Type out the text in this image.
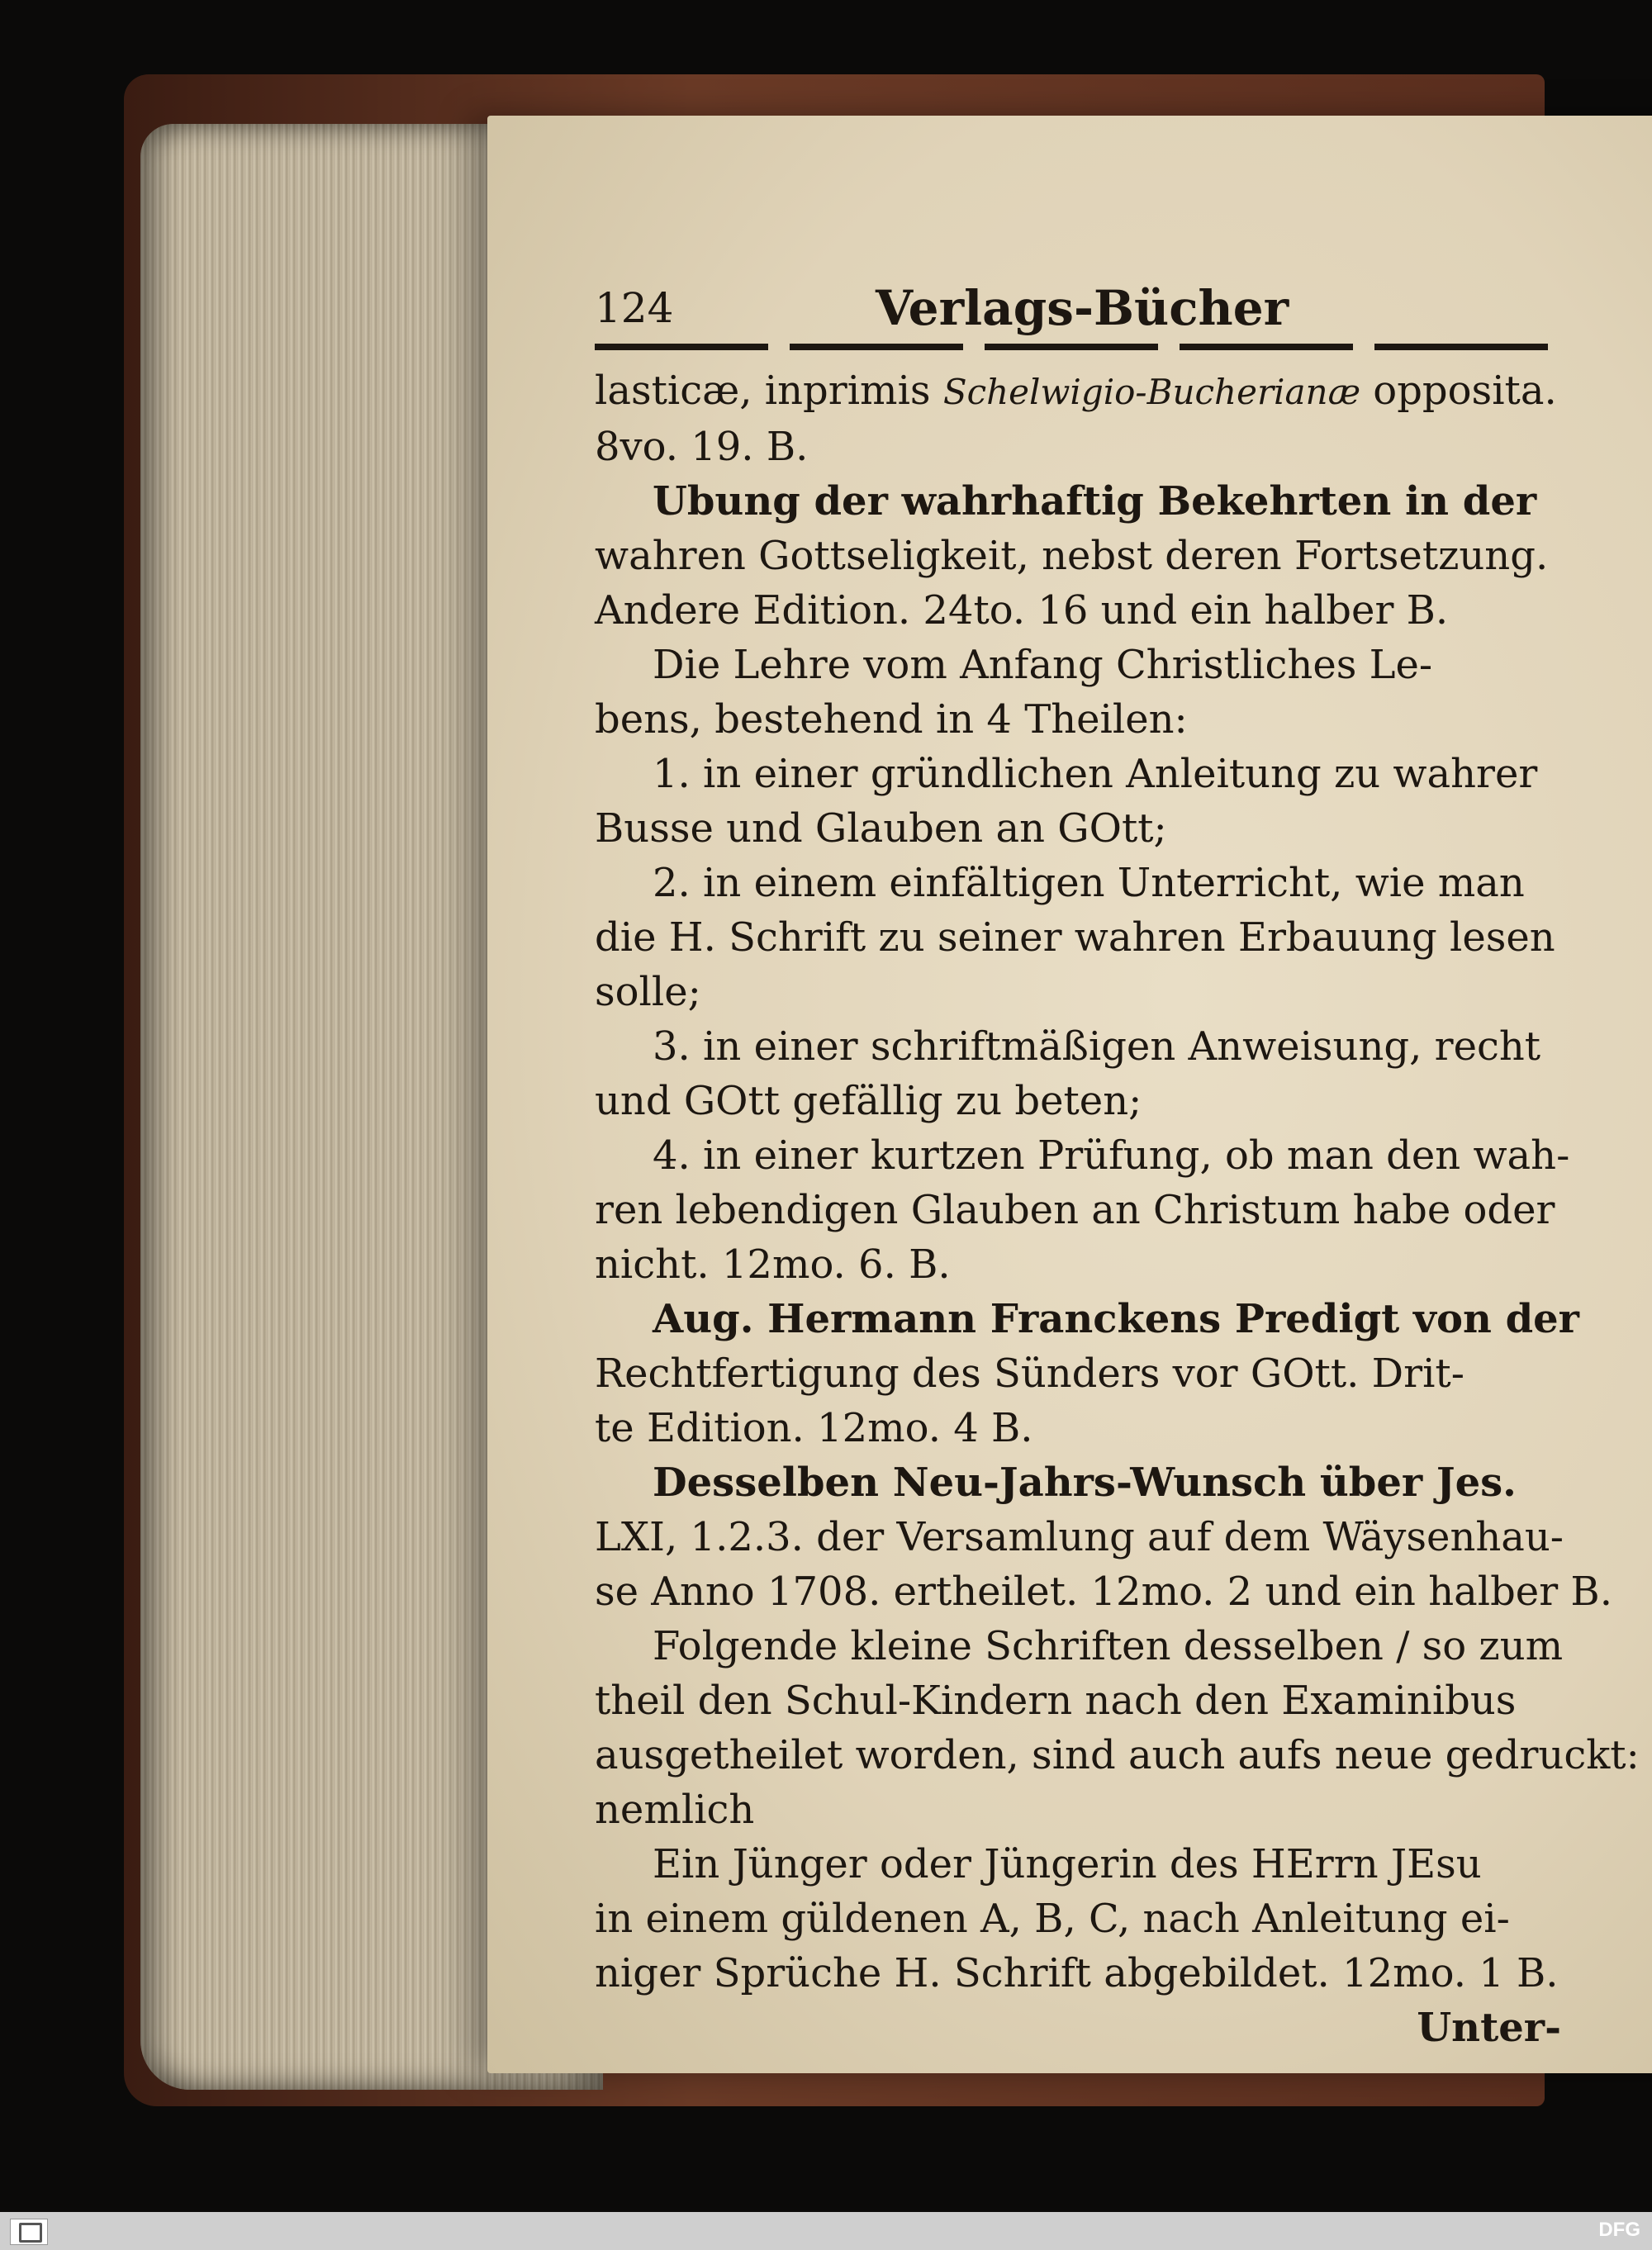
124	Verlags-Bücher
lasticæ, inprimis Schelwigio-Bucherianæ opposita.
8vo. 19. B.
Ubung der wahrhaftig Bekehrten in der
wahren Gottseligkeit, nebst deren Fortsetzung.
Andere Edition. 24to. 16 und ein halber B.
Die Lehre vom Anfang Christliches Le-
bens, bestehend in 4 Theilen:
1. in einer gründlichen Anleitung zu wahrer
Busse und Glauben an GOtt;
2. in einem einfältigen Unterricht, wie man
die H. Schrift zu seiner wahren Erbauung lesen
solle;
3. in einer schriftmäßigen Anweisung, recht
und GOtt gefällig zu beten;
4. in einer kurtzen Prüfung, ob man den wah-
ren lebendigen Glauben an Christum habe oder
nicht. 12mo. 6. B.
Aug. Hermann Franckens Predigt von der
Rechtfertigung des Sünders vor GOtt. Drit-
te Edition. 12mo. 4 B.
Desselben Neu-Jahrs-Wunsch über Jes.
LXI, 1.2.3. der Versamlung auf dem Wäysenhau-
se Anno 1708. ertheilet. 12mo. 2 und ein halber B.
Folgende kleine Schriften desselben / so zum
theil den Schul-Kindern nach den Examinibus
ausgetheilet worden, sind auch aufs neue gedruckt:
nemlich
Ein Jünger oder Jüngerin des HErrn JEsu
in einem güldenen A, B, C, nach Anleitung ei-
niger Sprüche H. Schrift abgebildet. 12mo. 1 B.
Unter-
DFG
